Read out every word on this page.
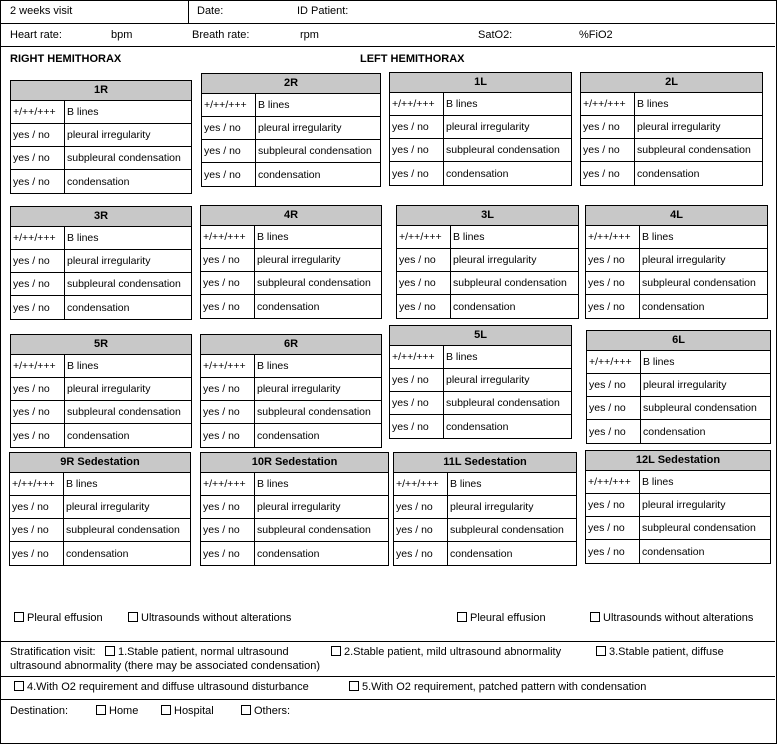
2 weeks visit	Date:	ID Patient:
Heart rate:	bpm	Breath rate:	rpm	SatO2:	%FiO2
RIGHT HEMITHORAX	LEFT HEMITHORAX
1R
+/++/+++	B lines
yes / no	pleural irregularity
yes / no	subpleural condensation
yes / no	condensation
2R
+/++/+++	B lines
yes / no	pleural irregularity
yes / no	subpleural condensation
yes / no	condensation
1L
+/++/+++	B lines
yes / no	pleural irregularity
yes / no	subpleural condensation
yes / no	condensation
2L
+/++/+++	B lines
yes / no	pleural irregularity
yes / no	subpleural condensation
yes / no	condensation
3R
+/++/+++	B lines
yes / no	pleural irregularity
yes / no	subpleural condensation
yes / no	condensation
4R
+/++/+++	B lines
yes / no	pleural irregularity
yes / no	subpleural condensation
yes / no	condensation
3L
+/++/+++	B lines
yes / no	pleural irregularity
yes / no	subpleural condensation
yes / no	condensation
4L
+/++/+++	B lines
yes / no	pleural irregularity
yes / no	subpleural condensation
yes / no	condensation
5R
+/++/+++	B lines
yes / no	pleural irregularity
yes / no	subpleural condensation
yes / no	condensation
6R
+/++/+++	B lines
yes / no	pleural irregularity
yes / no	subpleural condensation
yes / no	condensation
5L
+/++/+++	B lines
yes / no	pleural irregularity
yes / no	subpleural condensation
yes / no	condensation
6L
+/++/+++	B lines
yes / no	pleural irregularity
yes / no	subpleural condensation
yes / no	condensation
9R Sedestation
+/++/+++	B lines
yes / no	pleural irregularity
yes / no	subpleural condensation
yes / no	condensation
10R Sedestation
+/++/+++	B lines
yes / no	pleural irregularity
yes / no	subpleural condensation
yes / no	condensation
11L Sedestation
+/++/+++	B lines
yes / no	pleural irregularity
yes / no	subpleural condensation
yes / no	condensation
12L Sedestation
+/++/+++	B lines
yes / no	pleural irregularity
yes / no	subpleural condensation
yes / no	condensation
Pleural effusion	Ultrasounds without alterations	Pleural effusion	Ultrasounds without alterations
Stratification visit:	1.Stable patient, normal ultrasound	2.Stable patient, mild ultrasound abnormality	3.Stable patient, diffuse
ultrasound abnormality (there may be associated condensation)
4.With O2 requirement and diffuse ultrasound disturbance	5.With O2 requirement, patched pattern with condensation
Destination:	Home	Hospital	Others:
